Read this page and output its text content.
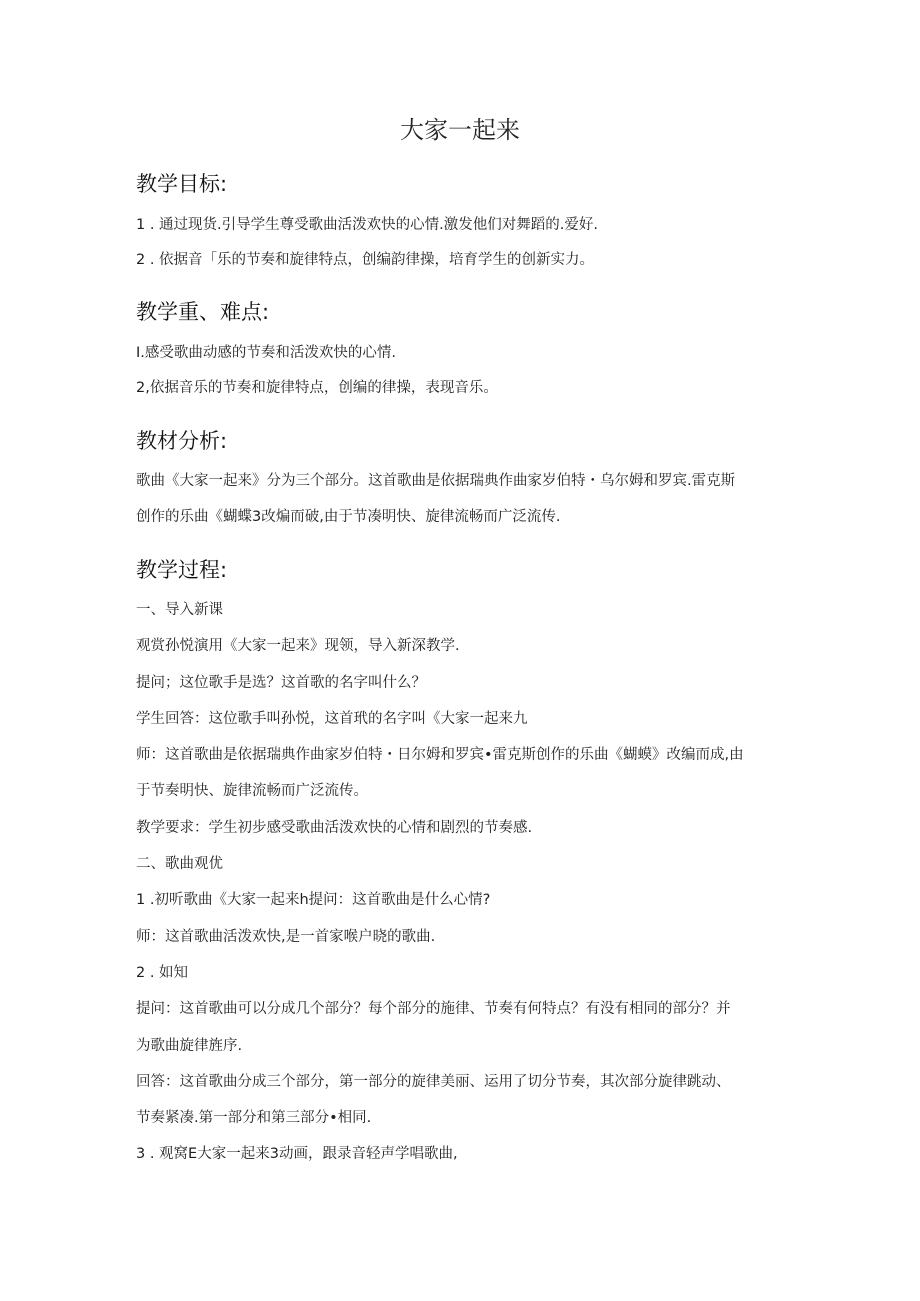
大家一起来
教学目标:
1 . 通过现货.引导学生尊受歌曲活泼欢快的心情.激发他们对舞蹈的.爱好.
2 . 依据音「乐的节奏和旋律特点，创编韵律操，培育学生的创新实力。
教学重、难点:
I.感受歌曲动感的节奏和活泼欢快的心情.
2,依据音乐的节奏和旋律特点，创编的律操，表现音乐。
教材分析:
歌曲《大家一起来》分为三个部分。这首歌曲是依据瑞典作曲家岁伯特・乌尔姆和罗宾.雷克斯
创作的乐曲《蝴蝶3改煸而破,由于节凑明快、旋律流畅而广泛流传.
教学过程:
一、导入新课
观赏孙悦演用《大家一起来》现领，导入新深教学.
提问；这位歌手是选？这首歌的名字叫什么？
学生回答：这位歌手叫孙悦，这首玳的名字叫《大家一起来九
师：这首歌曲是依据瑞典作曲家岁伯特・日尔姆和罗宾•雷克斯创作的乐曲《蝴蟆》改编而成,由
于节奏明快、旋律流畅而广泛流传。
教学要求：学生初步感受歌曲活泼欢快的心情和剧烈的节奏感.
二、歌曲观优
1 .初听歌曲《大家一起来h提问：这首歌曲是什么心情?
师：这首歌曲活泼欢快,是一首家喉户晓的歌曲.
2 . 如知
提问：这首歌曲可以分成几个部分？每个部分的施律、节奏有何特点？有没有相同的部分？并
为歌曲旋律旌序.
回答：这首歌曲分成三个部分，第一部分的旋律美丽、运用了切分节奏，其次部分旋律跳动、
节奏紧凑.第一部分和第三部分•相同.
3 . 观窝E大家一起来3动画，跟录音轻声学唱歌曲,
